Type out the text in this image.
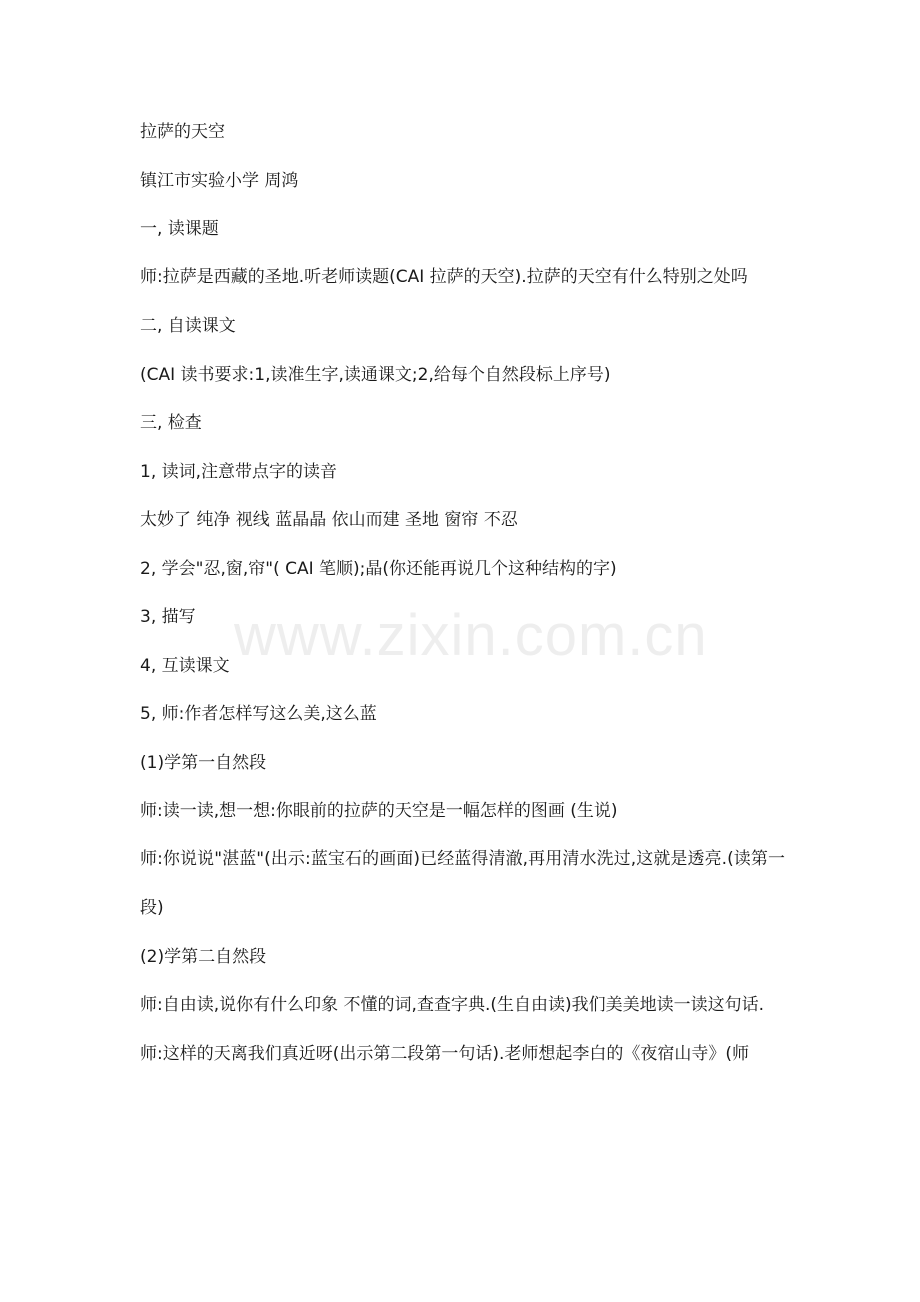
拉萨的天空
镇江市实验小学 周鸿
一, 读课题
师:拉萨是西藏的圣地.听老师读题(CAI 拉萨的天空).拉萨的天空有什么特别之处吗
二, 自读课文
(CAI 读书要求:1,读准生字,读通课文;2,给每个自然段标上序号)
三, 检查
1, 读词,注意带点字的读音
太妙了 纯净 视线 蓝晶晶 依山而建 圣地 窗帘 不忍
2, 学会"忍,窗,帘"( CAI 笔顺);晶(你还能再说几个这种结构的字)
3, 描写
4, 互读课文
5, 师:作者怎样写这么美,这么蓝
(1)学第一自然段
师:读一读,想一想:你眼前的拉萨的天空是一幅怎样的图画 (生说)
师:你说说"湛蓝"(出示:蓝宝石的画面)已经蓝得清澈,再用清水洗过,这就是透亮.(读第一段)
(2)学第二自然段
师:自由读,说你有什么印象 不懂的词,查查字典.(生自由读)我们美美地读一读这句话.
师:这样的天离我们真近呀(出示第二段第一句话).老师想起李白的《夜宿山寺》(师
www.zixin.com.cn
